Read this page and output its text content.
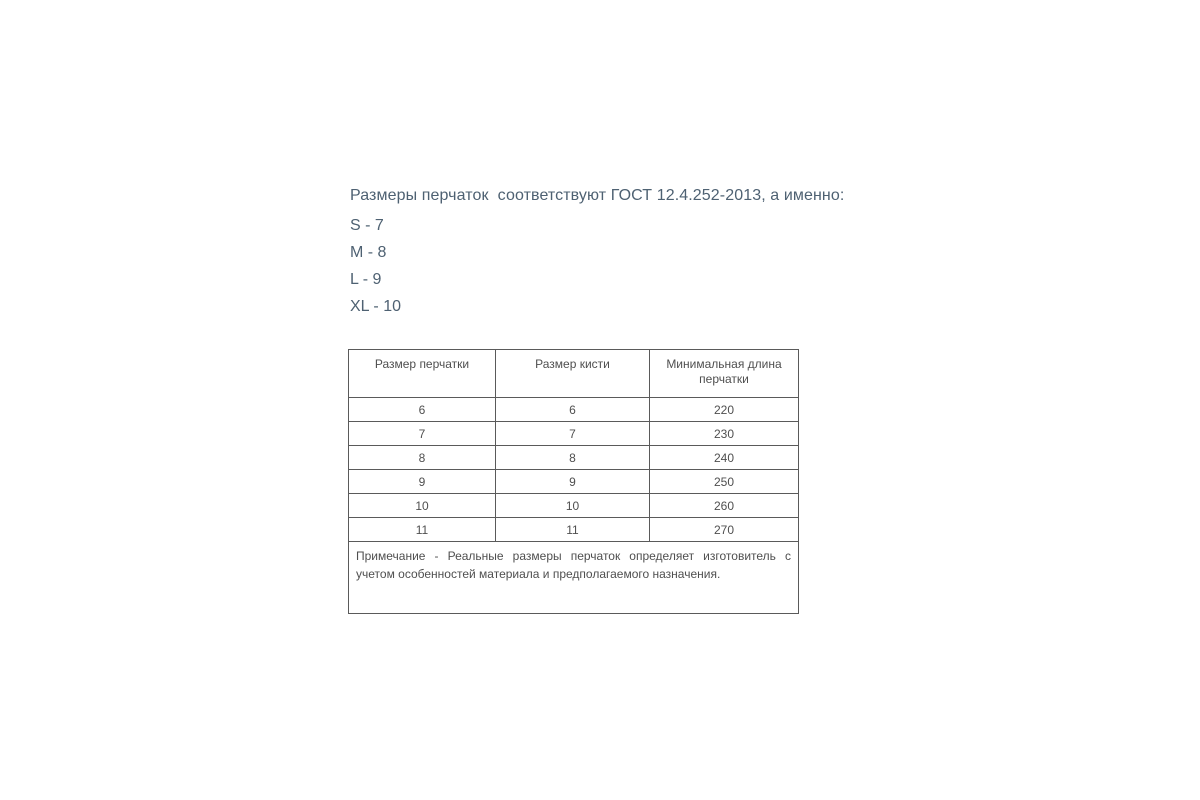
Размеры перчаток  соответствуют ГОСТ 12.4.252-2013, а именно:
S - 7
M - 8
L - 9
XL - 10
Размер перчатки	Размер кисти	Минимальная длина перчатки
6	6	220
7	7	230
8	8	240
9	9	250
10	10	260
11	11	270
Примечание - Реальные размеры перчаток определяет изготовитель с учетом особенностей материала и предполагаемого назначения.		
